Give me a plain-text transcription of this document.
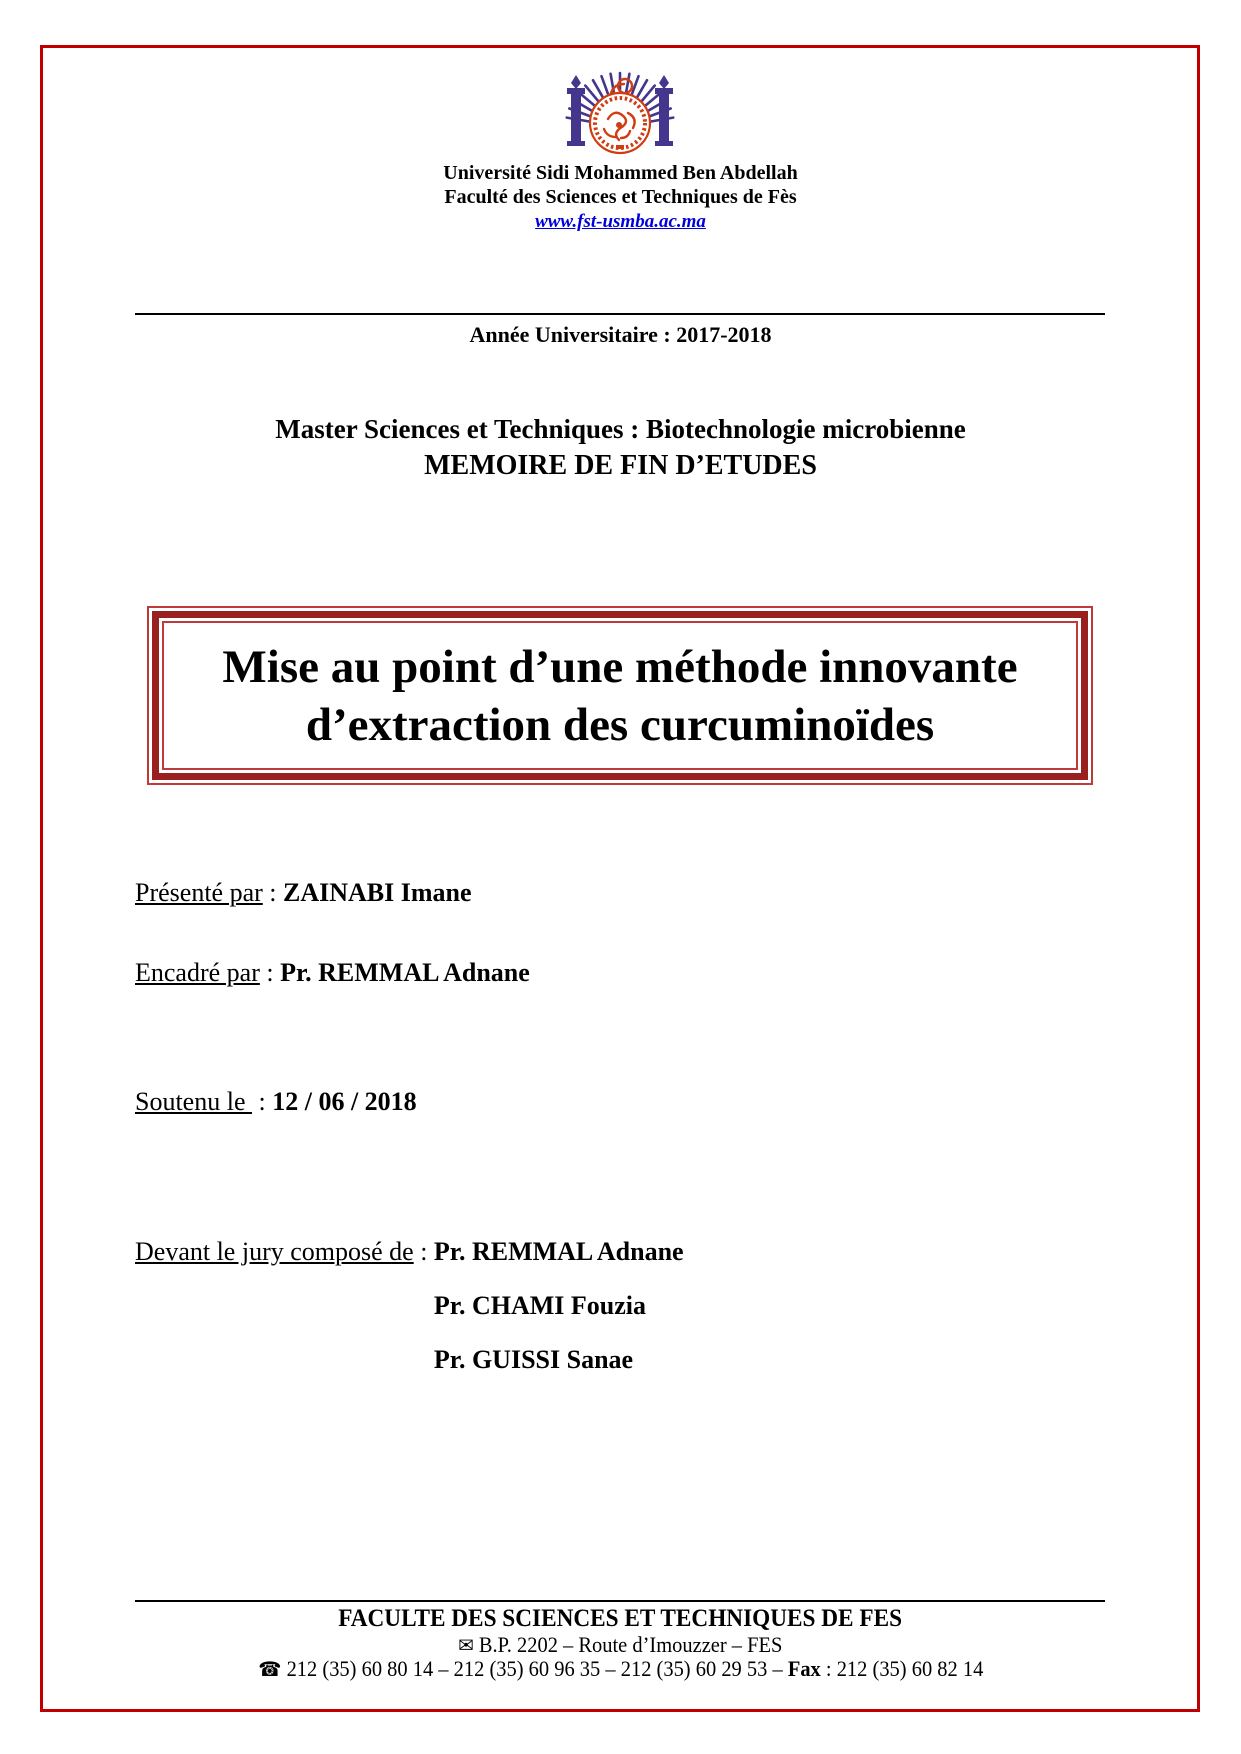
Université Sidi Mohammed Ben Abdellah
Faculté des Sciences et Techniques de Fès
www.fst-usmba.ac.ma
Année Universitaire : 2017-2018
Master Sciences et Techniques : Biotechnologie microbienne
MEMOIRE DE FIN D’ETUDES
Mise au point d’une méthode innovante
d’extraction des curcuminoïdes
Présenté par : ZAINABI Imane
Encadré par : Pr. REMMAL Adnane
Soutenu le  : 12 / 06 / 2018
Devant le jury composé de : Pr. REMMAL Adnane
Pr. CHAMI Fouzia
Pr. GUISSI Sanae
FACULTE DES SCIENCES ET TECHNIQUES DE FES
✉ B.P. 2202 – Route d’Imouzzer – FES
☎ 212 (35) 60 80 14 – 212 (35) 60 96 35 – 212 (35) 60 29 53 – Fax : 212 (35) 60 82 14
